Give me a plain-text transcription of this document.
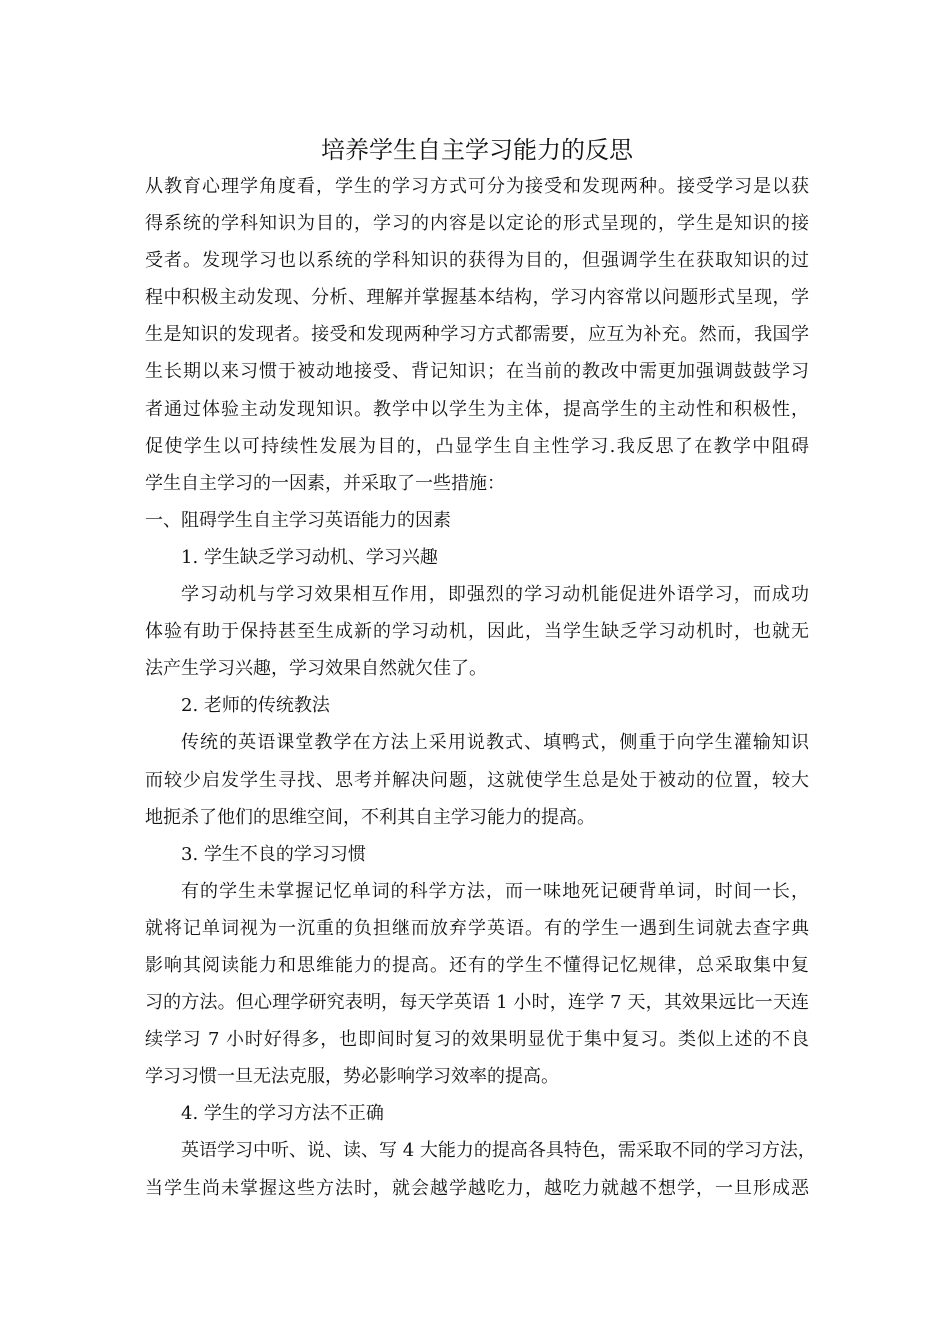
培养学生自主学习能力的反思
从教育心理学角度看，学生的学习方式可分为接受和发现两种。接受学习是以获
得系统的学科知识为目的，学习的内容是以定论的形式呈现的，学生是知识的接
受者。发现学习也以系统的学科知识的获得为目的，但强调学生在获取知识的过
程中积极主动发现、分析、理解并掌握基本结构，学习内容常以问题形式呈现，学
生是知识的发现者。接受和发现两种学习方式都需要，应互为补充。然而，我国学
生长期以来习惯于被动地接受、背记知识；在当前的教改中需更加强调鼓鼓学习
者通过体验主动发现知识。教学中以学生为主体，提高学生的主动性和积极性，
促使学生以可持续性发展为目的，凸显学生自主性学习.我反思了在教学中阻碍
学生自主学习的一因素，并采取了一些措施：
一、阻碍学生自主学习英语能力的因素
1. 学生缺乏学习动机、学习兴趣
学习动机与学习效果相互作用，即强烈的学习动机能促进外语学习，而成功
体验有助于保持甚至生成新的学习动机，因此，当学生缺乏学习动机时，也就无
法产生学习兴趣，学习效果自然就欠佳了。
2. 老师的传统教法
传统的英语课堂教学在方法上采用说教式、填鸭式，侧重于向学生灌输知识
而较少启发学生寻找、思考并解决问题，这就使学生总是处于被动的位置，较大
地扼杀了他们的思维空间，不利其自主学习能力的提高。
3. 学生不良的学习习惯
有的学生未掌握记忆单词的科学方法，而一味地死记硬背单词，时间一长，
就将记单词视为一沉重的负担继而放弃学英语。有的学生一遇到生词就去查字典
影响其阅读能力和思维能力的提高。还有的学生不懂得记忆规律，总采取集中复
习的方法。但心理学研究表明，每天学英语 1 小时，连学 7 天，其效果远比一天连
续学习 7 小时好得多，也即间时复习的效果明显优于集中复习。类似上述的不良
学习习惯一旦无法克服，势必影响学习效率的提高。
4. 学生的学习方法不正确
英语学习中听、说、读、写 4 大能力的提高各具特色，需采取不同的学习方法，
当学生尚未掌握这些方法时，就会越学越吃力，越吃力就越不想学，一旦形成恶
